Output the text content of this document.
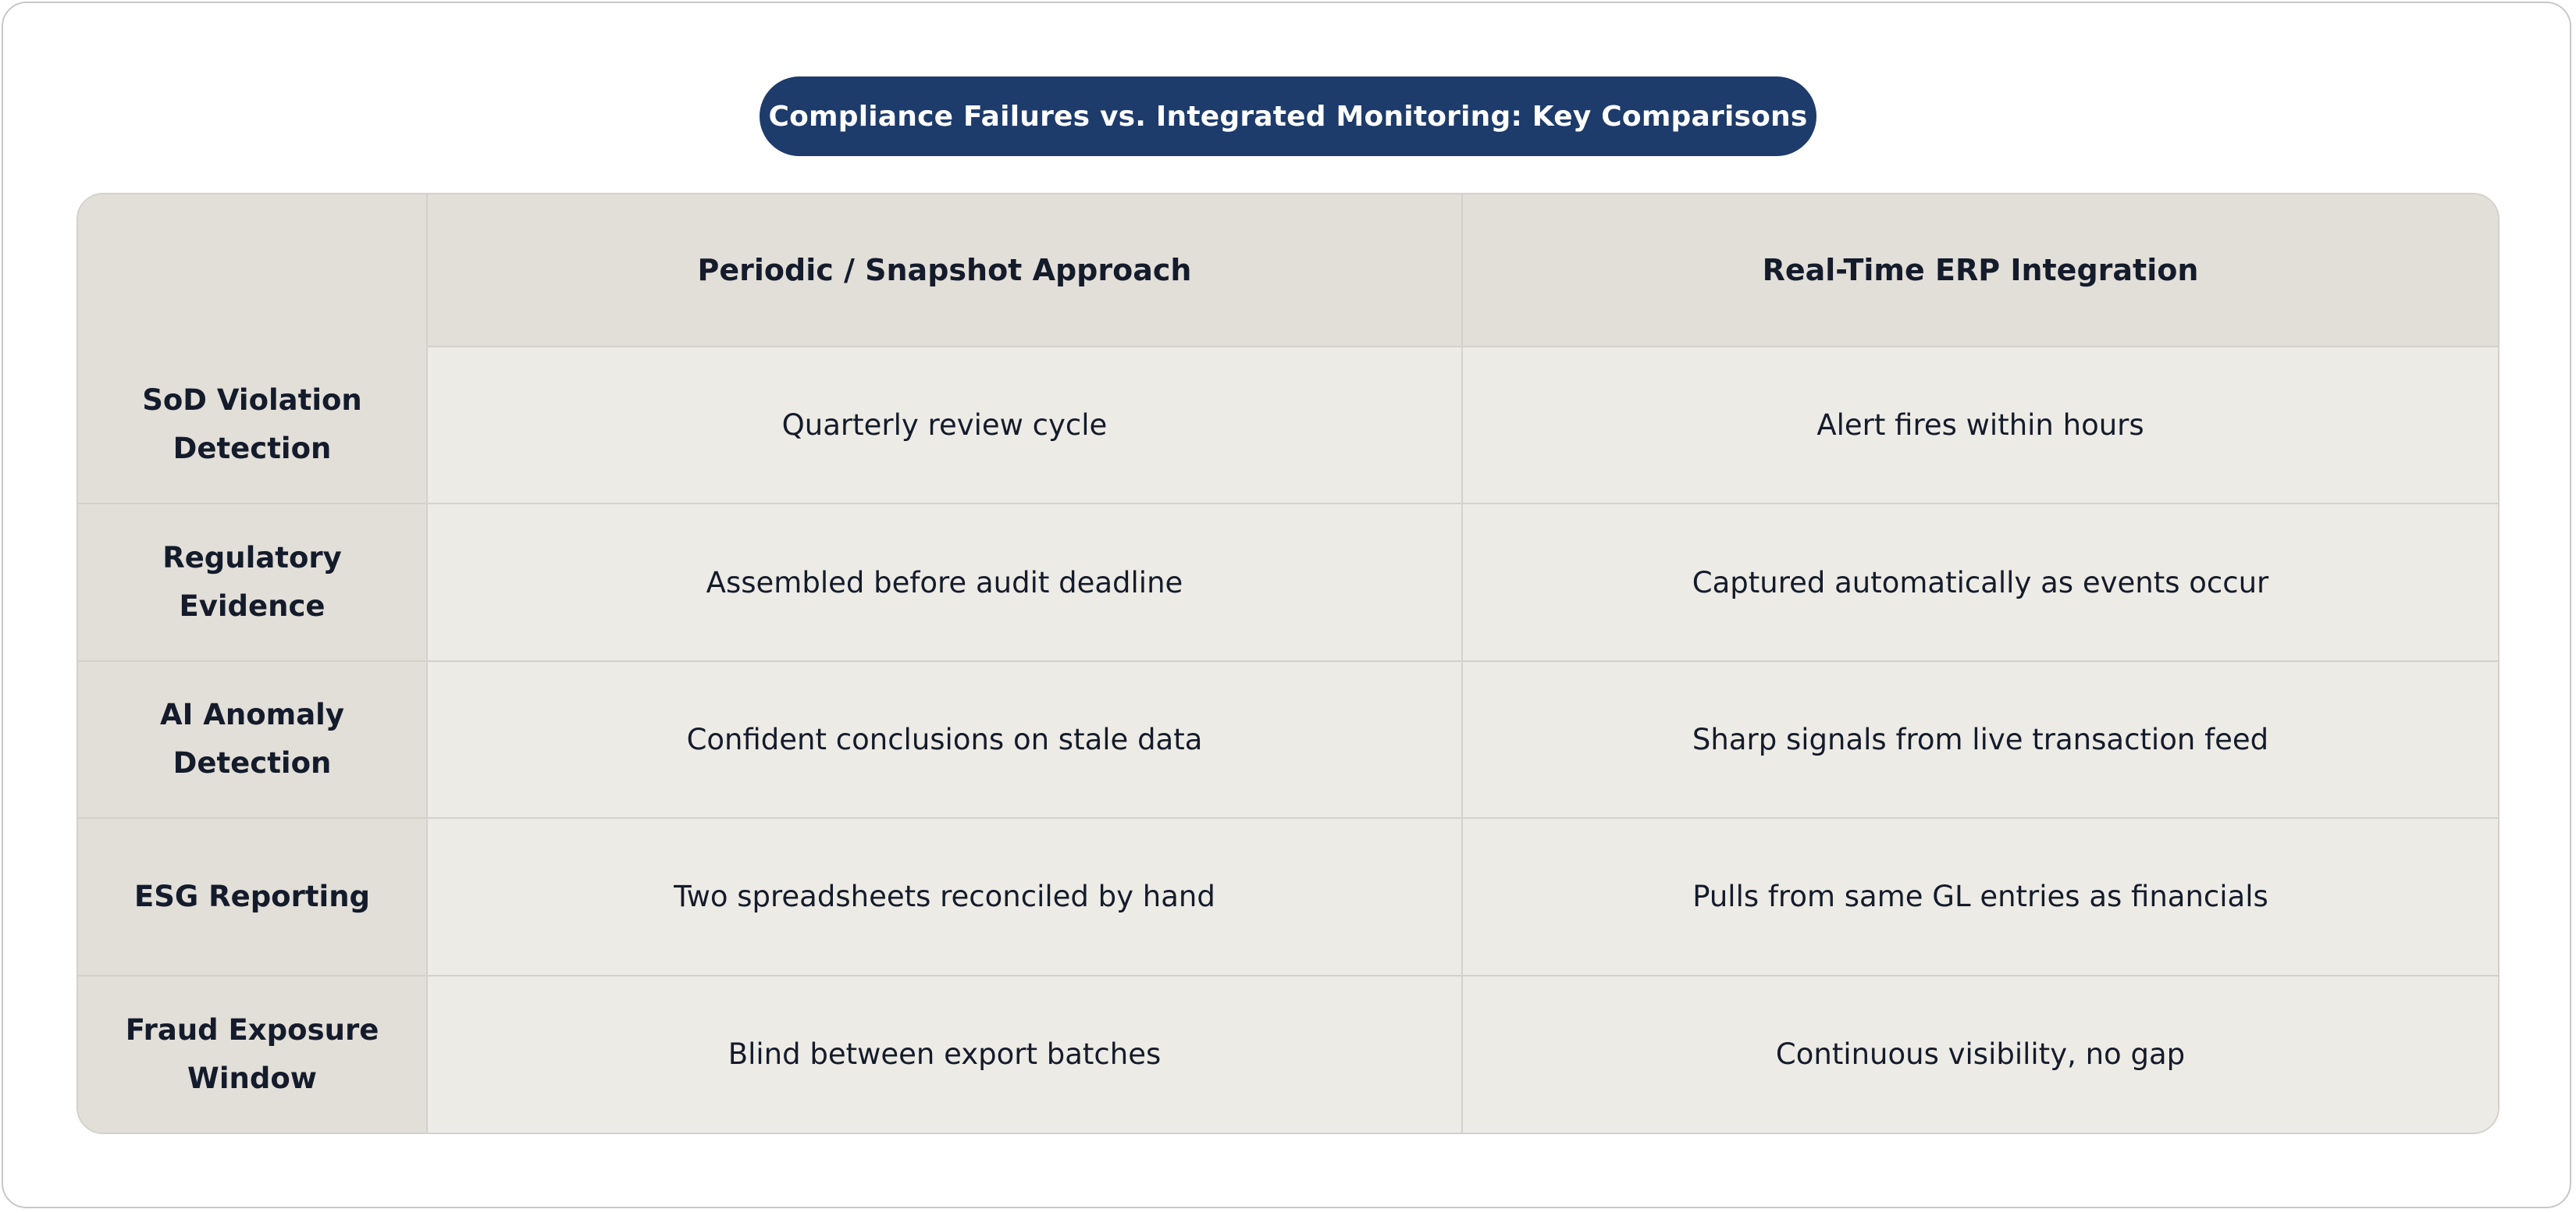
Compliance Failures vs. Integrated Monitoring: Key Comparisons
	Periodic / Snapshot Approach	Real-Time ERP Integration
SoD Violation Detection	Quarterly review cycle	Alert fires within hours
Regulatory Evidence	Assembled before audit deadline	Captured automatically as events occur
AI Anomaly Detection	Confident conclusions on stale data	Sharp signals from live transaction feed
ESG Reporting	Two spreadsheets reconciled by hand	Pulls from same GL entries as financials
Fraud Exposure Window	Blind between export batches	Continuous visibility, no gap
